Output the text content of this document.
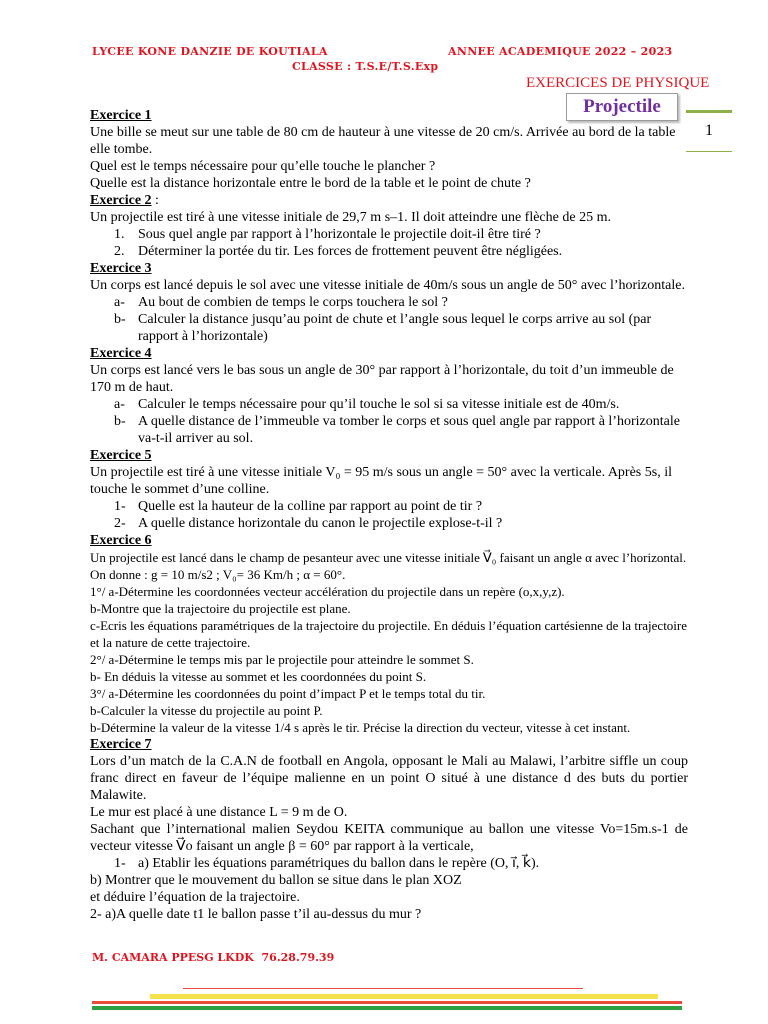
LYCEE KONE DANZIE DE KOUTIALA	ANNEE ACADEMIQUE 2022 – 2023
CLASSE : T.S.E/T.S.Exp
EXERCICES DE PHYSIQUE
Projectile
1

Exercice 1

Une bille se meut sur une table de 80 cm de hauteur à une vitesse de 20 cm/s. Arrivée au bord de la table elle tombe.

Quel est le temps nécessaire pour qu’elle touche le plancher ?

Quelle est la distance horizontale entre le bord de la table et le point de chute ?

Exercice 2 :

Un projectile est tiré à une vitesse initiale de 29,7 m s–1. Il doit atteindre une flèche de 25 m.

1. Sous quel angle par rapport à l’horizontale le projectile doit-il être tiré ?

2. Déterminer la portée du tir. Les forces de frottement peuvent être négligées.

Exercice 3

Un corps est lancé depuis le sol avec une vitesse initiale de 40m/s sous un angle de 50° avec l’horizontale.

a- Au bout de combien de temps le corps touchera le sol ?

b- Calculer la distance jusqu’au point de chute et l’angle sous lequel le corps arrive au sol (par rapport à l’horizontale)

Exercice 4

Un corps est lancé vers le bas sous un angle de 30° par rapport à l’horizontale, du toit d’un immeuble de 170 m de haut.

a- Calculer le temps nécessaire pour qu’il touche le sol si sa vitesse initiale est de 40m/s.

b- A quelle distance de l’immeuble va tomber le corps et sous quel angle par rapport à l’horizontale va-t-il arriver au sol.

Exercice 5

Un projectile est tiré à une vitesse initiale V₀ = 95 m/s sous un angle = 50° avec la verticale. Après 5s, il touche le sommet d’une colline.

1- Quelle est la hauteur de la colline par rapport au point de tir ?

2- A quelle distance horizontale du canon le projectile explose-t-il ?

Exercice 6

Un projectile est lancé dans le champ de pesanteur avec une vitesse initiale V⃗₀ faisant un angle α avec l’horizontal. On donne : g = 10 m/s2 ; V₀= 36 Km/h ; α = 60°.

1°/ a-Détermine les coordonnées vecteur accélération du projectile dans un repère (o,x,y,z).

b-Montre que la trajectoire du projectile est plane.

c-Ecris les équations paramétriques de la trajectoire du projectile. En déduis l’équation cartésienne de la trajectoire et la nature de cette trajectoire.

2°/ a-Détermine le temps mis par le projectile pour atteindre le sommet S.

b- En déduis la vitesse au sommet et les coordonnées du point S.

3°/ a-Détermine les coordonnées du point d’impact P et le temps total du tir.

b-Calculer la vitesse du projectile au point P.

b-Détermine la valeur de la vitesse 1/4 s après le tir. Précise la direction du vecteur, vitesse à cet instant.

Exercice 7

Lors d’un match de la C.A.N de football en Angola, opposant le Mali au Malawi, l’arbitre siffle un coup franc direct en faveur de l’équipe malienne en un point O situé à une distance d des buts du portier Malawite.

Le mur est placé à une distance L = 9 m de O.

Sachant que l’international malien Seydou KEITA communique au ballon une vitesse Vo=15m.s-1 de vecteur vitesse V⃗o faisant un angle β = 60° par rapport à la verticale,

1- a) Etablir les équations paramétriques du ballon dans le repère (O, i⃗, k⃗).

b) Montrer que le mouvement du ballon se situe dans le plan XOZ

et déduire l’équation de la trajectoire.

2- a)A quelle date t1 le ballon passe t’il au-dessus du mur ?

M. CAMARA PPESG LKDK 76.28.79.39
